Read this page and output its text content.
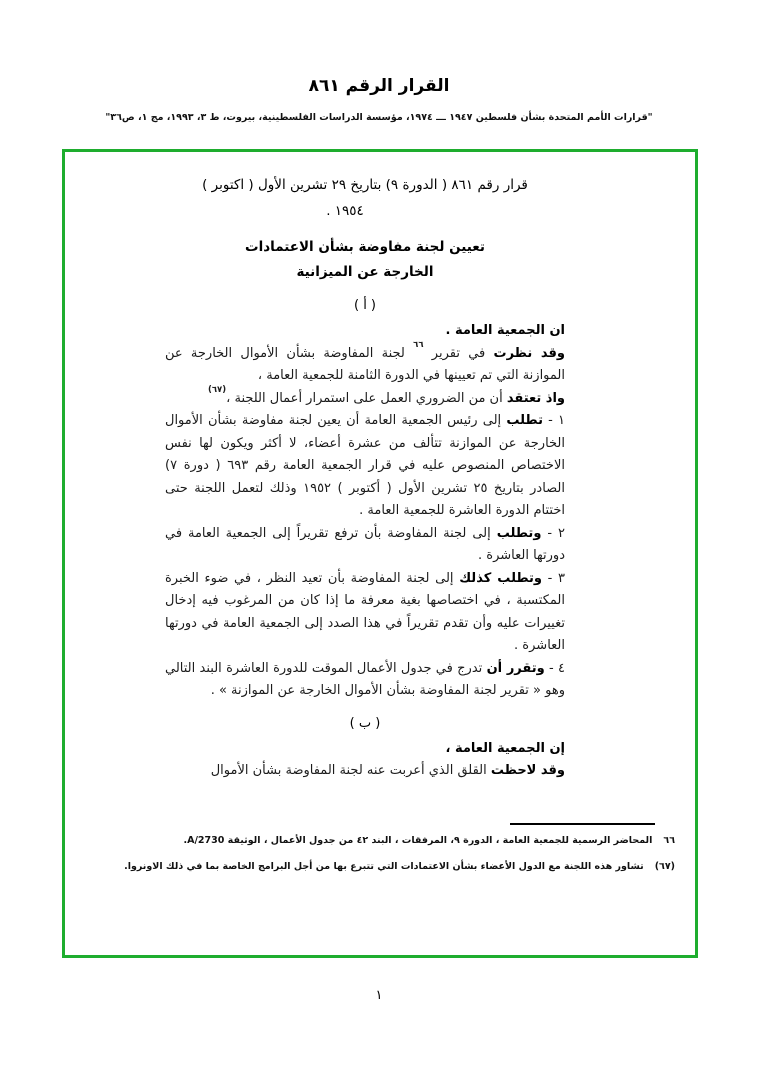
القرار الرقم ٨٦١
"قرارات الأمم المتحدة بشأن فلسطين ١٩٤٧ ـــ ١٩٧٤، مؤسسة الدراسات الفلسطينية، بيروت، ط ٣، ١٩٩٣، مج ١، ص٣٦"
قرار رقم ٨٦١ ( الدورة ٩) بتاريخ ٢٩ تشرين الأول ( اكتوبر )
١٩٥٤ .
تعيين لجنة مفاوضة بشأن الاعتمادات
الخارجة عن الميزانية
( أ )
ان الجمعية العامة .

وقد نظرت في تقرير $^{٦٦}$ لجنة المفاوضة بشأن الأموال الخارجة عن الموازنة التي تم تعيينها في الدورة الثامنة للجمعية العامة ،

واذ تعتقد أن من الضروري العمل على استمرار أعمال اللجنة ،$^{(٦٧)}$

١ - تطلب إلى رئيس الجمعية العامة أن يعين لجنة مفاوضة بشأن الأموال الخارجة عن الموازنة تتألف من عشرة أعضاء، لا أكثر ويكون لها نفس الاختصاص المنصوص عليه في قرار الجمعية العامة رقم ٦٩٣ ( دورة ٧) الصادر بتاريخ ٢٥ تشرين الأول ( أكتوبر ) ١٩٥٢ وذلك لتعمل اللجنة حتى اختتام الدورة العاشرة للجمعية العامة .

٢ - وتطلب إلى لجنة المفاوضة بأن ترفع تقريراً إلى الجمعية العامة في دورتها العاشرة .

٣ - وتطلب كذلك إلى لجنة المفاوضة بأن تعيد النظر ، في ضوء الخبرة المكتسبة ، في اختصاصها بغية معرفة ما إذا كان من المرغوب فيه إدخال تغييرات عليه وأن تقدم تقريراً في هذا الصدد إلى الجمعية العامة في دورتها العاشرة .

٤ - وتقرر أن تدرج في جدول الأعمال الموقت للدورة العاشرة البند التالي وهو « تقرير لجنة المفاوضة بشأن الأموال الخارجة عن الموازنة » .

( ب )
إن الجمعية العامة ،

وقد لاحظت القلق الذي أعربت عنه لجنة المفاوضة بشأن الأموال

٦٦المحاضر الرسمية للجمعية العامة ، الدورة ٩، المرفقات ، البند ٤٢ من جدول الأعمال ، الوثيقة A/2730.
(٦٧)تشاور هذه اللجنة مع الدول الأعضاء بشأن الاعتمادات التي تتبرع بها من أجل البرامج الخاصة بما في ذلك الاونروا.
١
